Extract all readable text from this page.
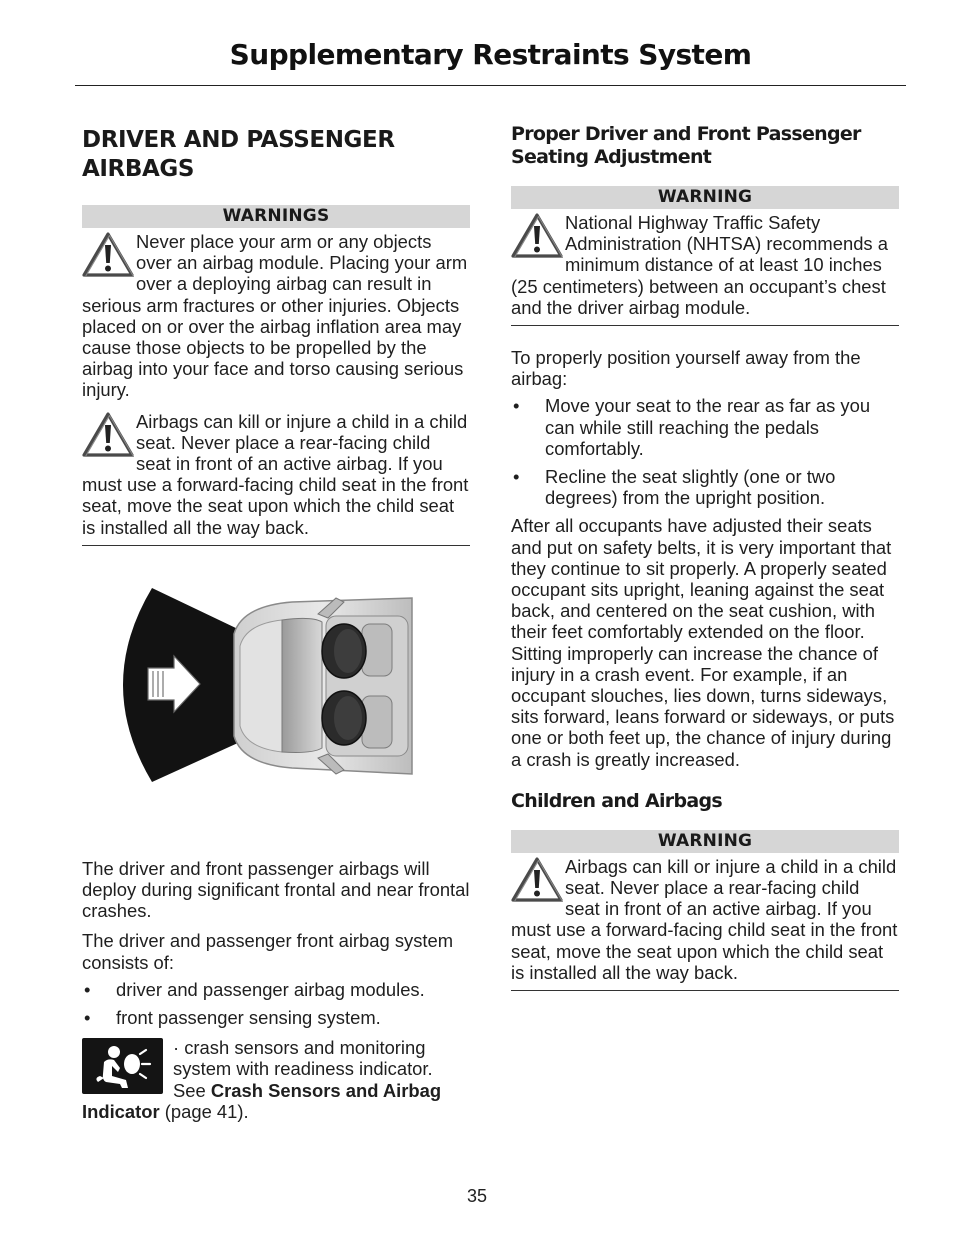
Supplementary Restraints System
DRIVER AND PASSENGER AIRBAGS
WARNINGS
Never place your arm or any objects over an airbag module. Placing your arm over a deploying airbag can result in serious arm fractures or other injuries. Objects placed on or over the airbag inflation area may cause those objects to be propelled by the airbag into your face and torso causing serious injury.
Airbags can kill or injure a child in a child seat. Never place a rear-facing child seat in front of an active airbag. If you must use a forward-facing child seat in the front seat, move the seat upon which the child seat is installed all the way back.

The driver and front passenger airbags will deploy during significant frontal and near frontal crashes.

The driver and passenger front airbag system consists of:

• driver and passenger airbag modules.
• front passenger sensing system.
· crash sensors and monitoring system with readiness indicator. See Crash Sensors and Airbag Indicator (page 41).
Proper Driver and Front Passenger Seating Adjustment
WARNING
National Highway Traffic Safety Administration (NHTSA) recommends a minimum distance of at least 10 inches (25 centimeters) between an occupant’s chest and the driver airbag module.

To properly position yourself away from the airbag:

• Move your seat to the rear as far as you can while still reaching the pedals comfortably.
• Recline the seat slightly (one or two degrees) from the upright position.

After all occupants have adjusted their seats and put on safety belts, it is very important that they continue to sit properly. A properly seated occupant sits upright, leaning against the seat back, and centered on the seat cushion, with their feet comfortably extended on the floor. Sitting improperly can increase the chance of injury in a crash event. For example, if an occupant slouches, lies down, turns sideways, sits forward, leans forward or sideways, or puts one or both feet up, the chance of injury during a crash is greatly increased.

Children and Airbags
WARNING
Airbags can kill or injure a child in a child seat. Never place a rear-facing child seat in front of an active airbag. If you must use a forward-facing child seat in the front seat, move the seat upon which the child seat is installed all the way back.
35
